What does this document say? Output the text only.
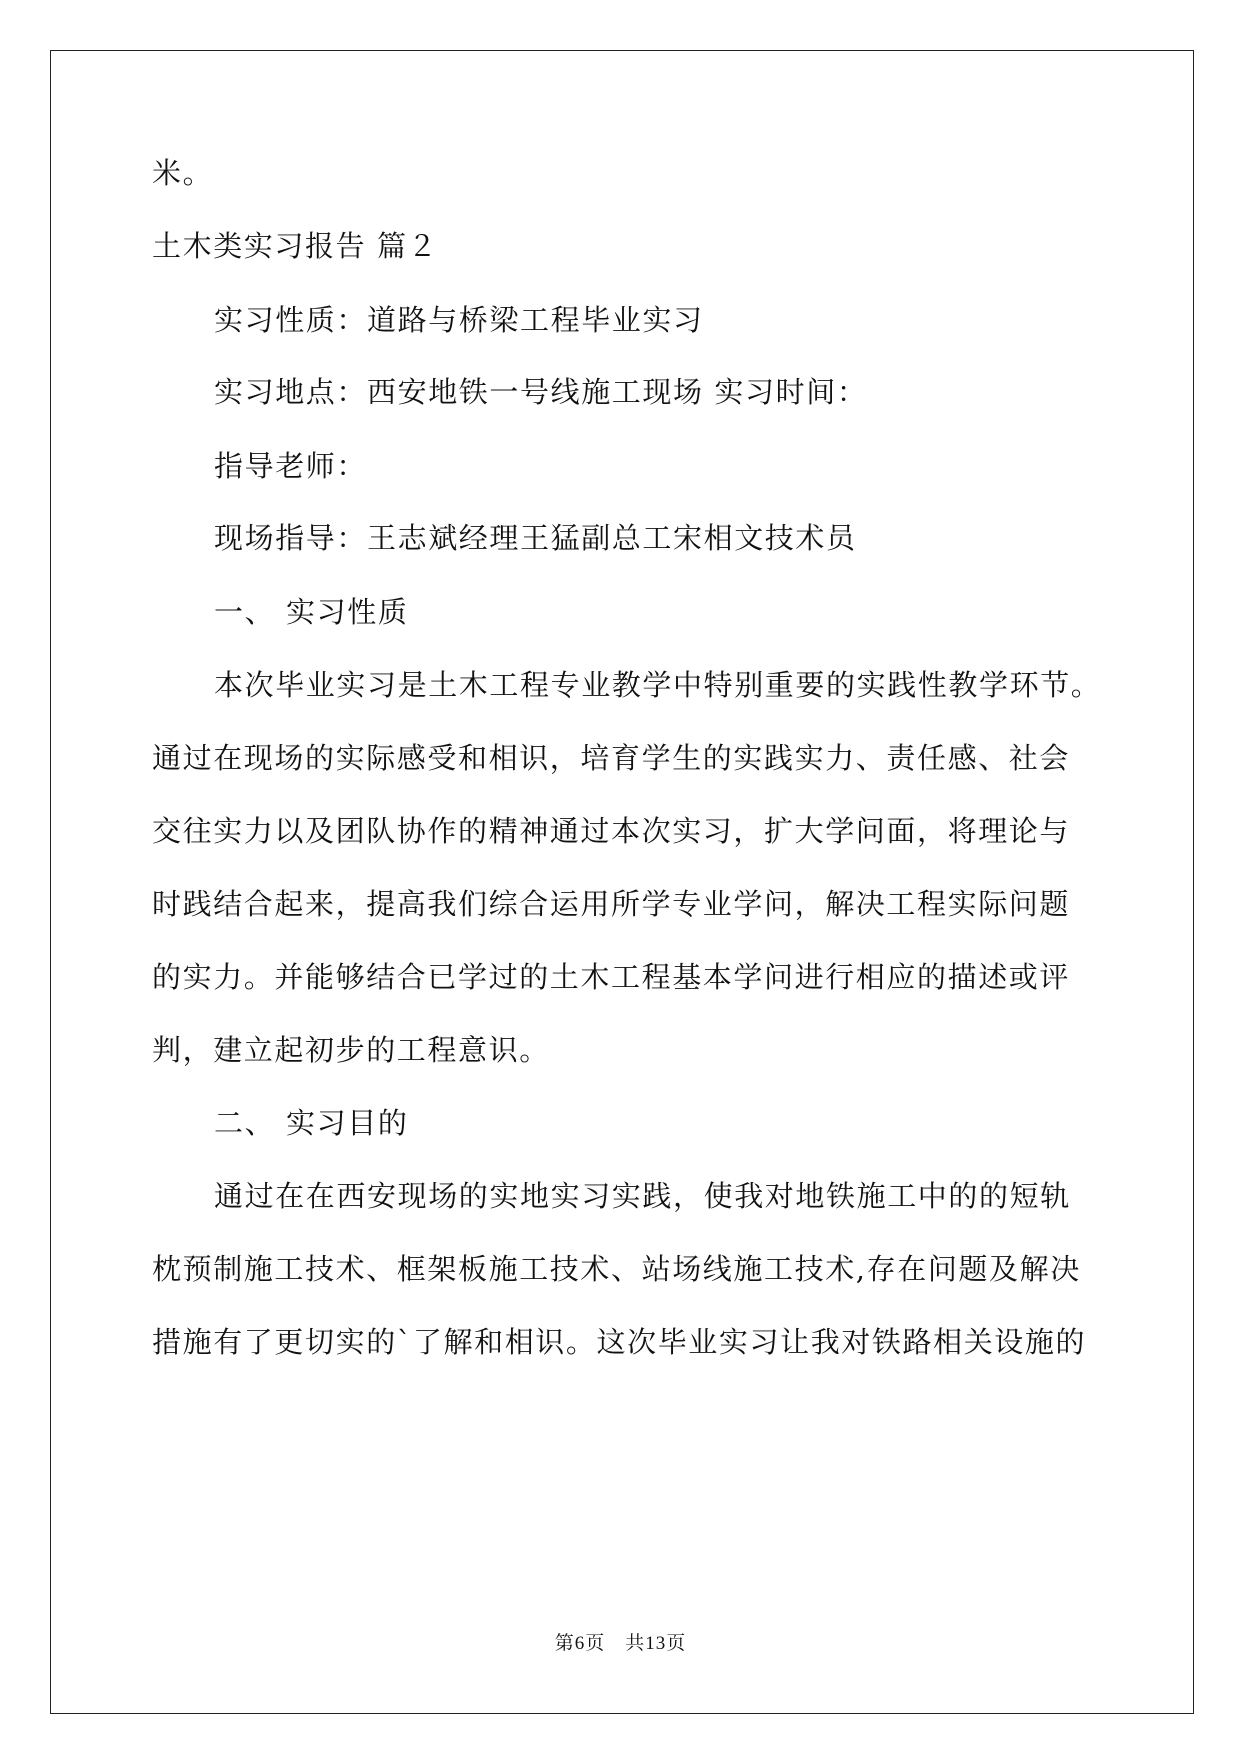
米。
土木类实习报告 篇２
实习性质：道路与桥梁工程毕业实习
实习地点：西安地铁一号线施工现场 实习时间：
指导老师：
现场指导：王志斌经理王猛副总工宋相文技术员
一、 实习性质
本次毕业实习是土木工程专业教学中特别重要的实践性教学环节。
通过在现场的实际感受和相识，培育学生的实践实力、责任感、社会
交往实力以及团队协作的精神通过本次实习，扩大学问面，将理论与
时践结合起来，提高我们综合运用所学专业学问，解决工程实际问题
的实力。并能够结合已学过的土木工程基本学问进行相应的描述或评
判，建立起初步的工程意识。
二、 实习目的
通过在在西安现场的实地实习实践，使我对地铁施工中的的短轨
枕预制施工技术、框架板施工技术、站场线施工技术,存在问题及解决
措施有了更切实的`了解和相识。这次毕业实习让我对铁路相关设施的
第6页　共13页
